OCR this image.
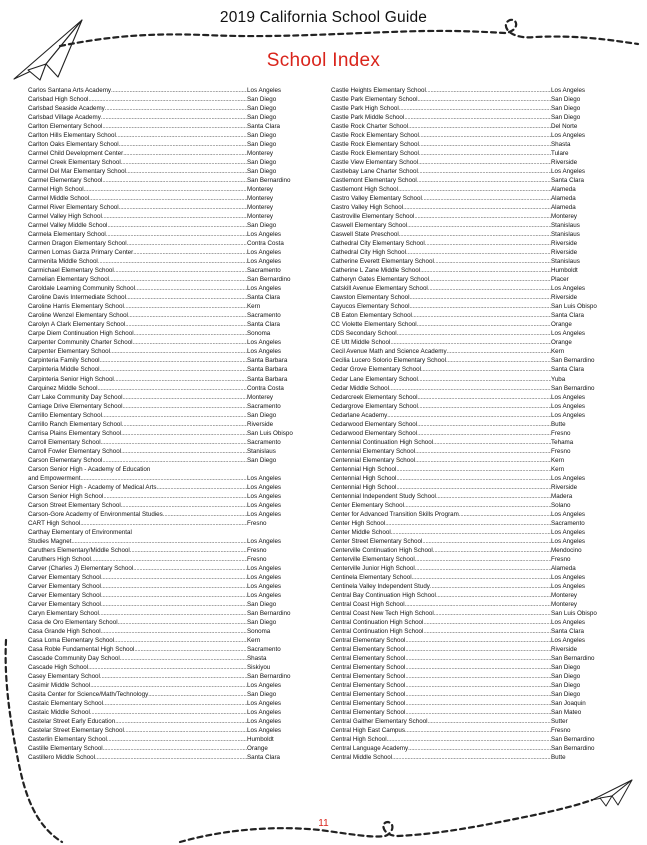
2019 California School Guide
School Index
Carlos Santana Arts Academy .....	Los Angeles
Carlsbad High School .....	San Diego
Carlsbad Seaside Academy .....	San Diego
Carlsbad Village Academy .....	San Diego
Carlton Elementary School .....	Santa Clara
Carlton Hills Elementary School .....	San Diego
Carlton Oaks Elementary School .....	San Diego
Carmel Child Development Center .....	Monterey
Carmel Creek Elementary School .....	San Diego
Carmel Del Mar Elementary School .....	San Diego
Carmel Elementary School .....	San Bernardino
Carmel High School .....	Monterey
Carmel Middle School .....	Monterey
Carmel River Elementary School .....	Monterey
Carmel Valley High School .....	Monterey
Carmel Valley Middle School .....	San Diego
Carmela Elementary School .....	Los Angeles
Carmen Dragon Elementary School .....	Contra Costa
Carmen Lomas Garza Primary Center .....	Los Angeles
Carmenita Middle School .....	Los Angeles
Carmichael Elementary School .....	Sacramento
Carnelian Elementary School .....	San Bernardino
Caroldale Learning Community School .....	Los Angeles
Caroline Davis Intermediate School .....	Santa Clara
Caroline Harris Elementary School .....	Kern
Caroline Wenzel Elementary School .....	Sacramento
Carolyn A Clark Elementary School .....	Santa Clara
Carpe Diem Continuation High School .....	Sonoma
Carpenter Community Charter School .....	Los Angeles
Carpenter Elementary School .....	Los Angeles
Carpinteria Family School .....	Santa Barbara
Carpinteria Middle School .....	Santa Barbara
Carpinteria Senior High School .....	Santa Barbara
Carquinez Middle School .....	Contra Costa
Carr Lake Community Day School .....	Monterey
Carriage Drive Elementary School .....	Sacramento
Carrillo Elementary School .....	San Diego
Carrillo Ranch Elementary School .....	Riverside
Carrisa Plains Elementary School .....	San Luis Obispo
Carroll Elementary School .....	Sacramento
Carroll Fowler Elementary School .....	Stanislaus
Carson Elementary School .....	San Diego
Carson Senior High - Academy of Education
and Empowerment .....	Los Angeles
Carson Senior High - Academy of Medical Arts .....	Los Angeles
Carson Senior High School .....	Los Angeles
Carson Street Elementary School .....	Los Angeles
Carson-Gore Academy of Environmental Studies .....	Los Angeles
CART High School .....	Fresno
Carthay Elementary of Environmental
Studies Magnet .....	Los Angeles
Caruthers Elementary/Middle School .....	Fresno
Caruthers High School .....	Fresno
Carver (Charles J) Elementary School .....	Los Angeles
Carver Elementary School .....	Los Angeles
Carver Elementary School .....	Los Angeles
Carver Elementary School .....	Los Angeles
Carver Elementary School .....	San Diego
Caryn Elementary School .....	San Bernardino
Casa de Oro Elementary School .....	San Diego
Casa Grande High School .....	Sonoma
Casa Loma Elementary School .....	Kern
Casa Roble Fundamental High School .....	Sacramento
Cascade Community Day School .....	Shasta
Cascade High School .....	Siskiyou
Casey Elementary School .....	San Bernardino
Casimir Middle School .....	Los Angeles
Casita Center for Science/Math/Technology .....	San Diego
Castaic Elementary School .....	Los Angeles
Castaic Middle School .....	Los Angeles
Castelar Street Early Education .....	Los Angeles
Castelar Street Elementary School .....	Los Angeles
Casterlin Elementary School .....	Humboldt
Castille Elementary School .....	Orange
Castillero Middle School .....	Santa Clara
Castle Heights Elementary School .....	Los Angeles
Castle Park Elementary School .....	San Diego
Castle Park High School .....	San Diego
Castle Park Middle School .....	San Diego
Castle Rock Charter School .....	Del Norte
Castle Rock Elementary School .....	Los Angeles
Castle Rock Elementary School .....	Shasta
Castle Rock Elementary School .....	Tulare
Castle View Elementary School .....	Riverside
Castlebay Lane Charter School .....	Los Angeles
Castlemont Elementary School .....	Santa Clara
Castlemont High School .....	Alameda
Castro Valley Elementary School .....	Alameda
Castro Valley High School .....	Alameda
Castroville Elementary School .....	Monterey
Caswell Elementary School .....	Stanislaus
Caswell State Preschool .....	Stanislaus
Cathedral City Elementary School .....	Riverside
Cathedral City High School .....	Riverside
Catherine Everett Elementary School .....	Stanislaus
Catherine L Zane Middle School .....	Humboldt
Catheryn Gates Elementary School .....	Placer
Catskill Avenue Elementary School .....	Los Angeles
Cawston Elementary School .....	Riverside
Cayucos Elementary School .....	San Luis Obispo
CB Eaton Elementary School .....	Santa Clara
CC Violette Elementary School .....	Orange
CDS Secondary School .....	Los Angeles
CE Utt Middle School .....	Orange
Cecil Avenue Math and Science Academy .....	Kern
Cecilia Lucero Solorio Elementary School .....	San Bernardino
Cedar Grove Elementary School .....	Santa Clara
Cedar Lane Elementary School .....	Yuba
Cedar Middle School .....	San Bernardino
Cedarcreek Elementary School .....	Los Angeles
Cedargrove Elementary School .....	Los Angeles
Cedarlane Academy .....	Los Angeles
Cedarwood Elementary School .....	Butte
Cedarwood Elementary School .....	Fresno
Centennial Continuation High School .....	Tehama
Centennial Elementary School .....	Fresno
Centennial Elementary School .....	Kern
Centennial High School .....	Kern
Centennial High School .....	Los Angeles
Centennial High School .....	Riverside
Centennial Independent Study School .....	Madera
Center Elementary School .....	Solano
Center for Advanced Transition Skills Program .....	Los Angeles
Center High School .....	Sacramento
Center Middle School .....	Los Angeles
Center Street Elementary School .....	Los Angeles
Centerville Continuation High School .....	Mendocino
Centerville Elementary School .....	Fresno
Centerville Junior High School .....	Alameda
Centinela Elementary School .....	Los Angeles
Centinela Valley Independent Study .....	Los Angeles
Central Bay Continuation High School .....	Monterey
Central Coast High School .....	Monterey
Central Coast New Tech High School .....	San Luis Obispo
Central Continuation High School .....	Los Angeles
Central Continuation High School .....	Santa Clara
Central Elementary School .....	Los Angeles
Central Elementary School .....	Riverside
Central Elementary School .....	San Bernardino
Central Elementary School .....	San Diego
Central Elementary School .....	San Diego
Central Elementary School .....	San Diego
Central Elementary School .....	San Diego
Central Elementary School .....	San Joaquin
Central Elementary School .....	San Mateo
Central Gaither Elementary School .....	Sutter
Central High East Campus .....	Fresno
Central High School .....	San Bernardino
Central Language Academy .....	San Bernardino
Central Middle School .....	Butte
11
